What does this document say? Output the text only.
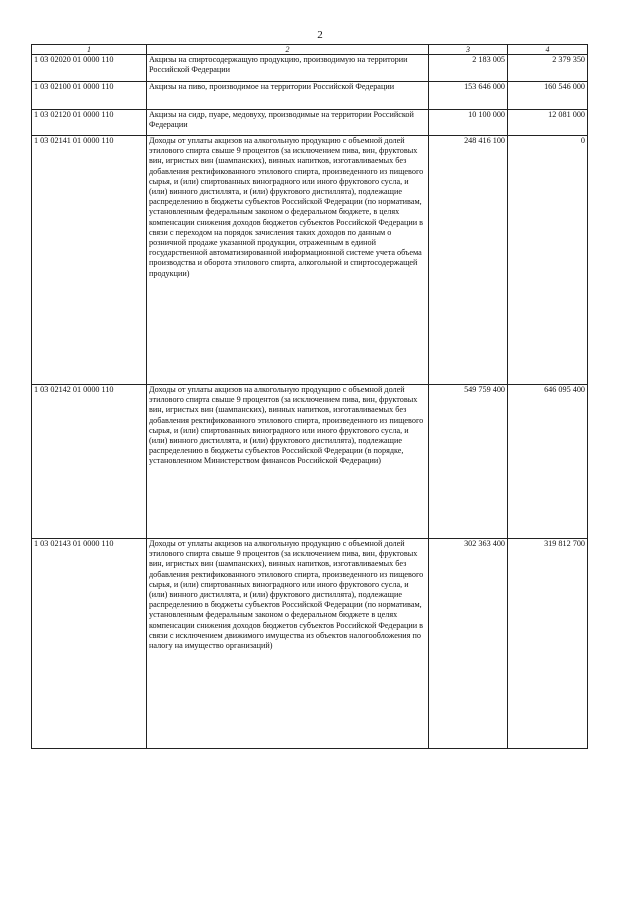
2
1	2	3	4
1 03 02020 01 0000 110	Акцизы на спиртосодержащую продукцию, производимую на территории Российской Федерации	2 183 005	2 379 350
1 03 02100 01 0000 110	Акцизы на пиво, производимое на территории Российской Федерации	153 646 000	160 546 000
1 03 02120 01 0000 110	Акцизы на сидр, пуаре, медовуху, производимые на территории Российской Федерации	10 100 000	12 081 000
1 03 02141 01 0000 110	Доходы от уплаты акцизов на алкогольную продукцию с объемной долей этилового спирта свыше 9 процентов (за исключением пива, вин, фруктовых вин, игристых вин (шампанских), винных напитков, изготавливаемых без добавления ректификованного этилового спирта, произведенного из пищевого сырья, и (или) спиртованных виноградного или иного фруктового сусла, и (или) винного дистиллята, и (или) фруктового дистиллята), подлежащие распределению в бюджеты субъектов Российской Федерации (по нормативам, установленным федеральным законом о федеральном бюджете, в целях компенсации снижения доходов бюджетов субъектов Российской Федерации в связи с переходом на порядок зачисления таких доходов по данным о розничной продаже указанной продукции, отраженным в единой государственной автоматизированной информационной системе учета объема производства и оборота этилового спирта, алкогольной и спиртосодержащей продукции)	248 416 100	0
1 03 02142 01 0000 110	Доходы от уплаты акцизов на алкогольную продукцию с объемной долей этилового спирта свыше 9 процентов (за исключением пива, вин, фруктовых вин, игристых вин (шампанских), винных напитков, изготавливаемых без добавления ректификованного этилового спирта, произведенного из пищевого сырья, и (или) спиртованных виноградного или иного фруктового сусла, и (или) винного дистиллята, и (или) фруктового дистиллята), подлежащие распределению в бюджеты субъектов Российской Федерации (в порядке, установленном Министерством финансов Российской Федерации)	549 759 400	646 095 400
1 03 02143 01 0000 110	Доходы от уплаты акцизов на алкогольную продукцию с объемной долей этилового спирта свыше 9 процентов (за исключением пива, вин, фруктовых вин, игристых вин (шампанских), винных напитков, изготавливаемых без добавления ректификованного этилового спирта, произведенного из пищевого сырья, и (или) спиртованных виноградного или иного фруктового сусла, и (или) винного дистиллята, и (или) фруктового дистиллята), подлежащие распределению в бюджеты субъектов Российской Федерации (по нормативам, установленным федеральным законом о федеральном бюджете в целях компенсации снижения доходов бюджетов субъектов Российской Федерации в связи с исключением движимого имущества из объектов налогообложения по налогу на имущество организаций)	302 363 400	319 812 700
